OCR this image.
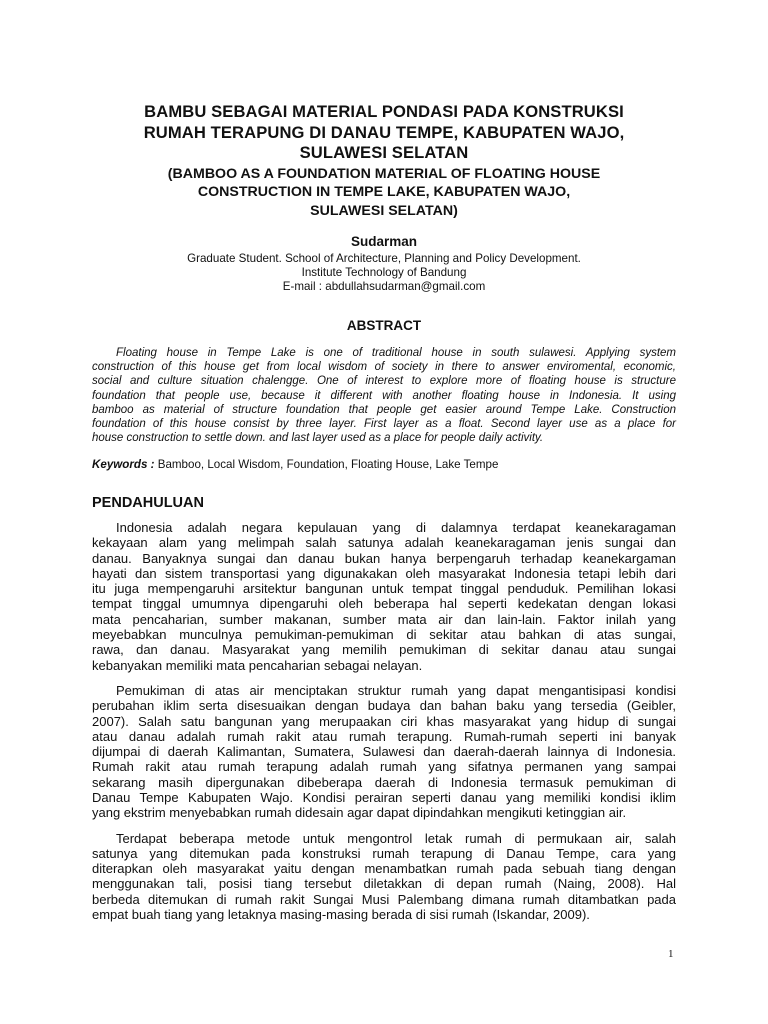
BAMBU SEBAGAI MATERIAL PONDASI PADA KONSTRUKSI
RUMAH TERAPUNG DI DANAU TEMPE, KABUPATEN WAJO,
SULAWESI SELATAN
(BAMBOO AS A FOUNDATION MATERIAL OF FLOATING HOUSE
CONSTRUCTION IN TEMPE LAKE, KABUPATEN WAJO,
SULAWESI SELATAN)
Sudarman
Graduate Student. School of Architecture, Planning and Policy Development.
Institute Technology of Bandung
E-mail : abdullahsudarman@gmail.com
ABSTRACT
Floating house in Tempe Lake is one of traditional house in south sulawesi. Applying system
construction of this house get from local wisdom of society in there to answer enviromental, economic,
social and culture situation chalengge. One of interest to explore more of floating house is structure
foundation that people use, because it different with another floating house in Indonesia. It using
bamboo as material of structure foundation that people get easier around Tempe Lake. Construction
foundation of this house consist by three layer. First layer as a float. Second layer use as a place for
house construction to settle down. and last layer used as a place for people daily activity.
Keywords : Bamboo, Local Wisdom, Foundation, Floating House, Lake Tempe
PENDAHULUAN
Indonesia adalah negara kepulauan yang di dalamnya terdapat keanekaragaman
kekayaan alam yang melimpah salah satunya adalah keanekaragaman jenis sungai dan
danau. Banyaknya sungai dan danau bukan hanya berpengaruh terhadap keanekargaman
hayati dan sistem transportasi yang digunakakan oleh masyarakat Indonesia tetapi lebih dari
itu juga mempengaruhi arsitektur bangunan untuk tempat tinggal penduduk. Pemilihan lokasi
tempat tinggal umumnya dipengaruhi oleh beberapa hal seperti kedekatan dengan lokasi
mata pencaharian, sumber makanan, sumber mata air dan lain-lain. Faktor inilah yang
meyebabkan munculnya pemukiman-pemukiman di sekitar atau bahkan di atas sungai,
rawa, dan danau. Masyarakat yang memilih pemukiman di sekitar danau atau sungai
kebanyakan memiliki mata pencaharian sebagai nelayan.
Pemukiman di atas air menciptakan struktur rumah yang dapat mengantisipasi kondisi
perubahan iklim serta disesuaikan dengan budaya dan bahan baku yang tersedia (Geibler,
2007). Salah satu bangunan yang merupaakan ciri khas masyarakat yang hidup di sungai
atau danau adalah rumah rakit atau rumah terapung. Rumah-rumah seperti ini banyak
dijumpai di daerah Kalimantan, Sumatera, Sulawesi dan daerah-daerah lainnya di Indonesia.
Rumah rakit atau rumah terapung adalah rumah yang sifatnya permanen yang sampai
sekarang masih dipergunakan dibeberapa daerah di Indonesia termasuk pemukiman di
Danau Tempe Kabupaten Wajo. Kondisi perairan seperti danau yang memiliki kondisi iklim
yang ekstrim menyebabkan rumah didesain agar dapat dipindahkan mengikuti ketinggian air.
Terdapat beberapa metode untuk mengontrol letak rumah di permukaan air, salah
satunya yang ditemukan pada konstruksi rumah terapung di Danau Tempe, cara yang
diterapkan oleh masyarakat yaitu dengan menambatkan rumah pada sebuah tiang dengan
menggunakan tali, posisi tiang tersebut diletakkan di depan rumah (Naing, 2008). Hal
berbeda ditemukan di rumah rakit Sungai Musi Palembang dimana rumah ditambatkan pada
empat buah tiang yang letaknya masing-masing berada di sisi rumah (Iskandar, 2009).
1
